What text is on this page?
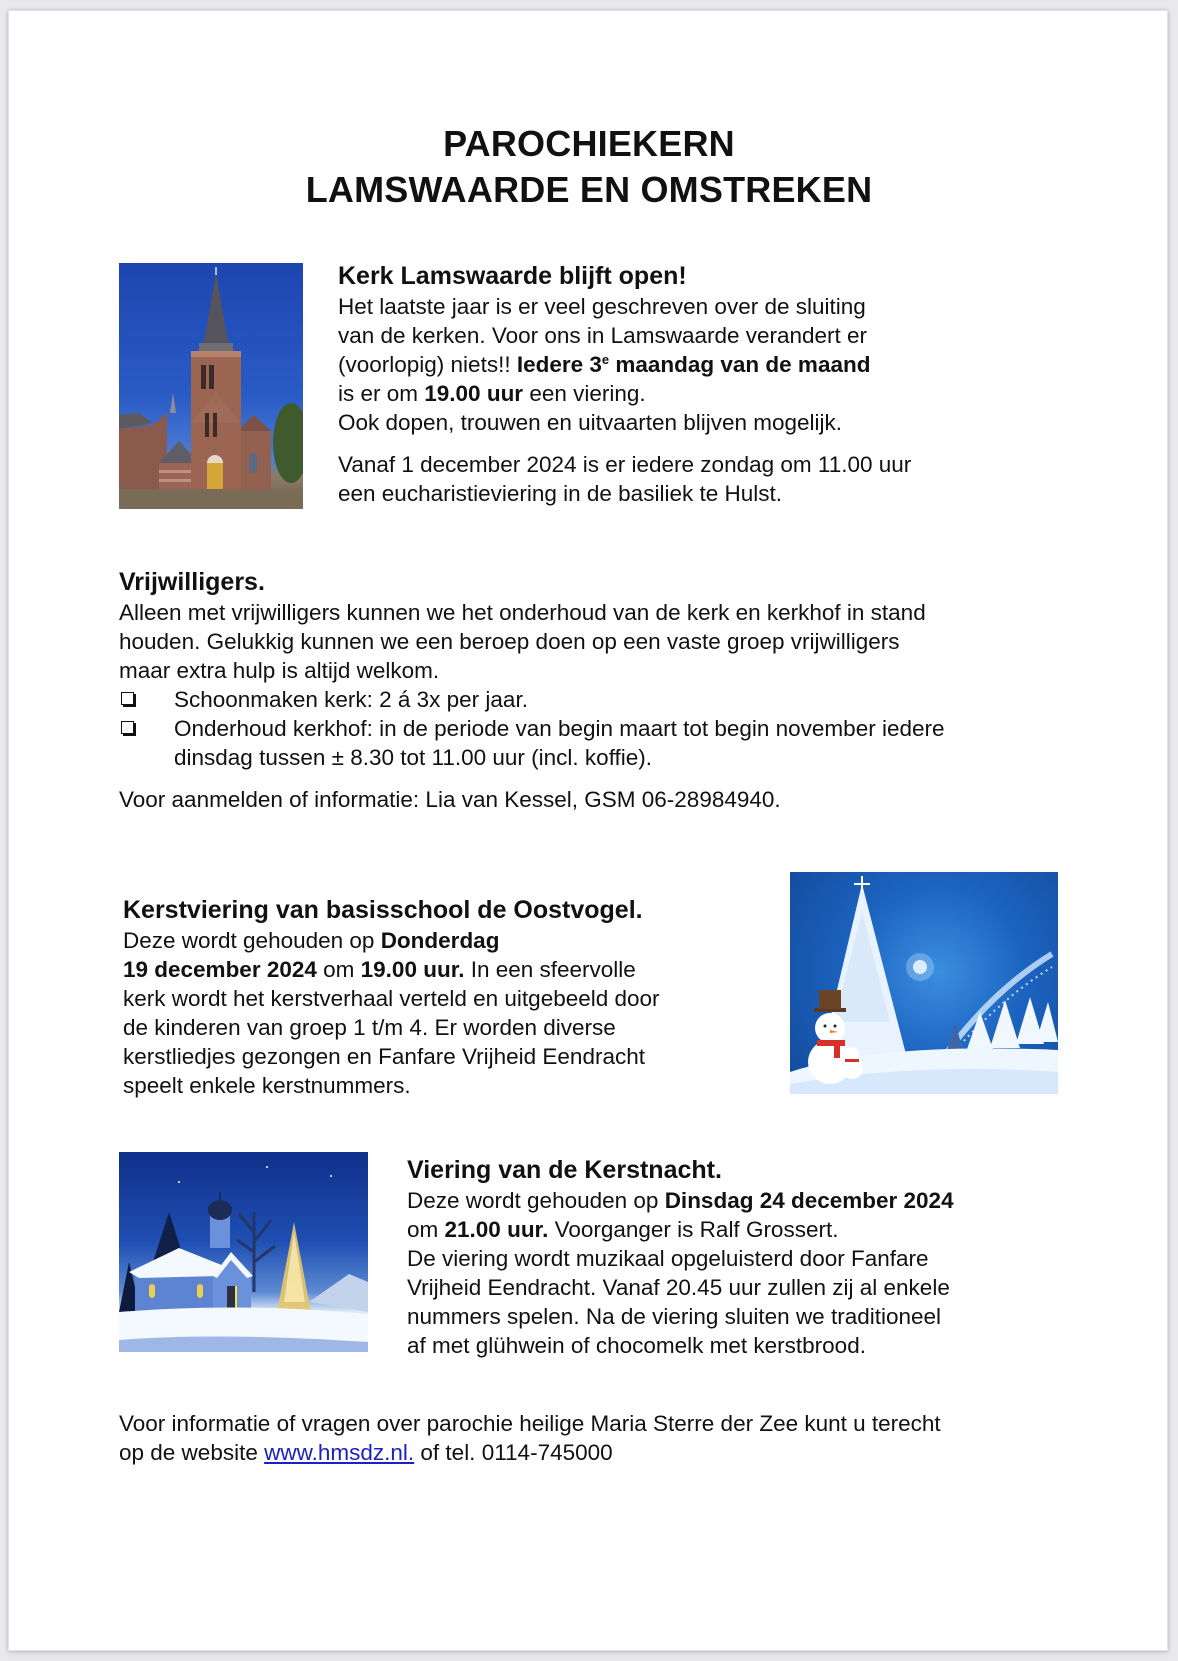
PAROCHIEKERN
LAMSWAARDE EN OMSTREKEN
Kerk Lamswaarde blijft open!
Het laatste jaar is er veel geschreven over de sluiting
van de kerken. Voor ons in Lamswaarde verandert er
(voorlopig) niets!! Iedere 3e maandag van de maand
is er om 19.00 uur een viering.
Ook dopen, trouwen en uitvaarten blijven mogelijk.
Vanaf 1 december 2024 is er iedere zondag om 11.00 uur
een eucharistieviering in de basiliek te Hulst.
Vrijwilligers.
Alleen met vrijwilligers kunnen we het onderhoud van de kerk en kerkhof in stand
houden. Gelukkig kunnen we een beroep doen op een vaste groep vrijwilligers
maar extra hulp is altijd welkom.
Schoonmaken kerk: 2 á 3x per jaar.
Onderhoud kerkhof: in de periode van begin maart tot begin november iedere
dinsdag tussen ± 8.30 tot 11.00 uur (incl. koffie).
Voor aanmelden of informatie: Lia van Kessel, GSM 06-28984940.
Kerstviering van basisschool de Oostvogel.
Deze wordt gehouden op Donderdag
19 december 2024 om 19.00 uur. In een sfeervolle
kerk wordt het kerstverhaal verteld en uitgebeeld door
de kinderen van groep 1 t/m 4. Er worden diverse
kerstliedjes gezongen en Fanfare Vrijheid Eendracht
speelt enkele kerstnummers.
Viering van de Kerstnacht.
Deze wordt gehouden op Dinsdag 24 december 2024
om 21.00 uur. Voorganger is Ralf Grossert.
De viering wordt muzikaal opgeluisterd door Fanfare
Vrijheid Eendracht. Vanaf 20.45 uur zullen zij al enkele
nummers spelen. Na de viering sluiten we traditioneel
af met glühwein of chocomelk met kerstbrood.
Voor informatie of vragen over parochie heilige Maria Sterre der Zee kunt u terecht
op de website www.hmsdz.nl. of tel. 0114-745000
